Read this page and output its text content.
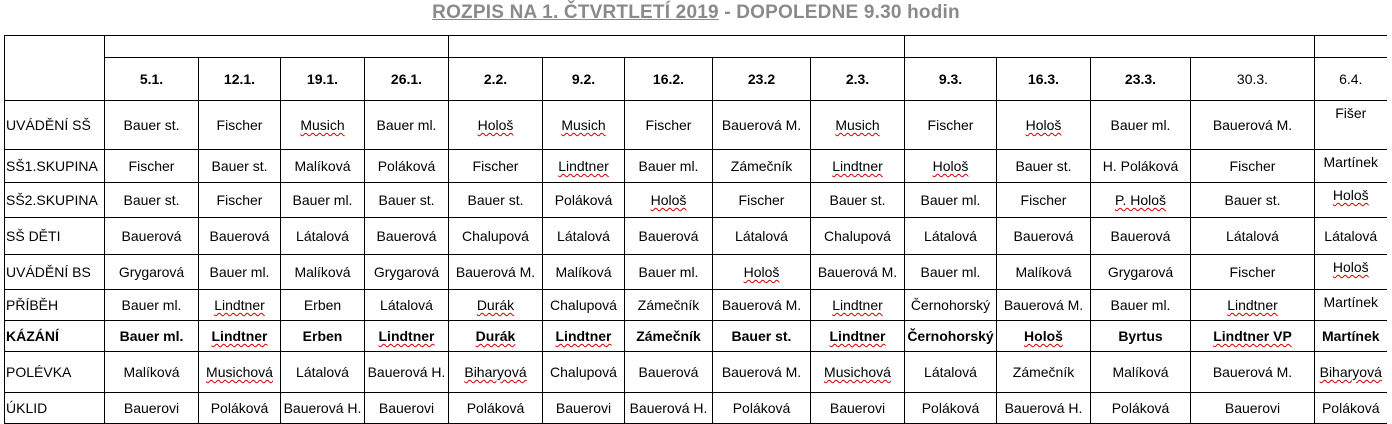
ROZPIS NA 1. ČTVRTLETÍ 2019 - DOPOLEDNE 9.30 hodin

	5.1.	12.1.	19.1.	26.1.	2.2.	9.2.	16.2.	23.2	2.3.	9.3.	16.3.	23.3.	30.3.	6.4.
UVÁDĚNÍ SŠ	Bauer st.	Fischer	Musich	Bauer ml.	Hološ	Musich	Fischer	Bauerová M.	Musich	Fischer	Hološ	Bauer ml.	Bauerová M.	Fišer
SŠ1.SKUPINA	Fischer	Bauer st.	Malíková	Poláková	Fischer	Lindtner	Bauer ml.	Zámečník	Lindtner	Hološ	Bauer st.	H. Poláková	Fischer	Martínek
SŠ2.SKUPINA	Bauer st.	Fischer	Bauer ml.	Bauer st.	Bauer st.	Poláková	Hološ	Fischer	Bauer st.	Bauer ml.	Fischer	P. Hološ	Bauer st.	Hološ
SŠ DĚTI	Bauerová	Bauerová	Látalová	Bauerová	Chalupová	Látalová	Bauerová	Látalová	Chalupová	Látalová	Bauerová	Bauerová	Látalová	Látalová
UVÁDĚNÍ BS	Grygarová	Bauer ml.	Malíková	Grygarová	Bauerová M.	Malíková	Bauer ml.	Hološ	Bauerová M.	Bauer ml.	Malíková	Grygarová	Fischer	Hološ
PŘÍBĚH	Bauer ml.	Lindtner	Erben	Látalová	Durák	Chalupová	Zámečník	Bauerová M.	Lindtner	Černohorský	Bauerová M.	Bauer ml.	Lindtner	Martínek
KÁZÁNÍ	Bauer ml.	Lindtner	Erben	Lindtner	Durák	Lindtner	Zámečník	Bauer st.	Lindtner	Černohorský	Hološ	Byrtus	Lindtner VP	Martínek
POLÉVKA	Malíková	Musichová	Látalová	Bauerová H.	Biharyová	Chalupová	Bauerová	Bauerová M.	Musichová	Látalová	Zámečník	Malíková	Bauerová M.	Biharyová
ÚKLID	Bauerovi	Poláková	Bauerová H.	Bauerovi	Poláková	Bauerovi	Bauerová H.	Poláková	Bauerovi	Poláková	Bauerová H.	Poláková	Bauerovi	Poláková
